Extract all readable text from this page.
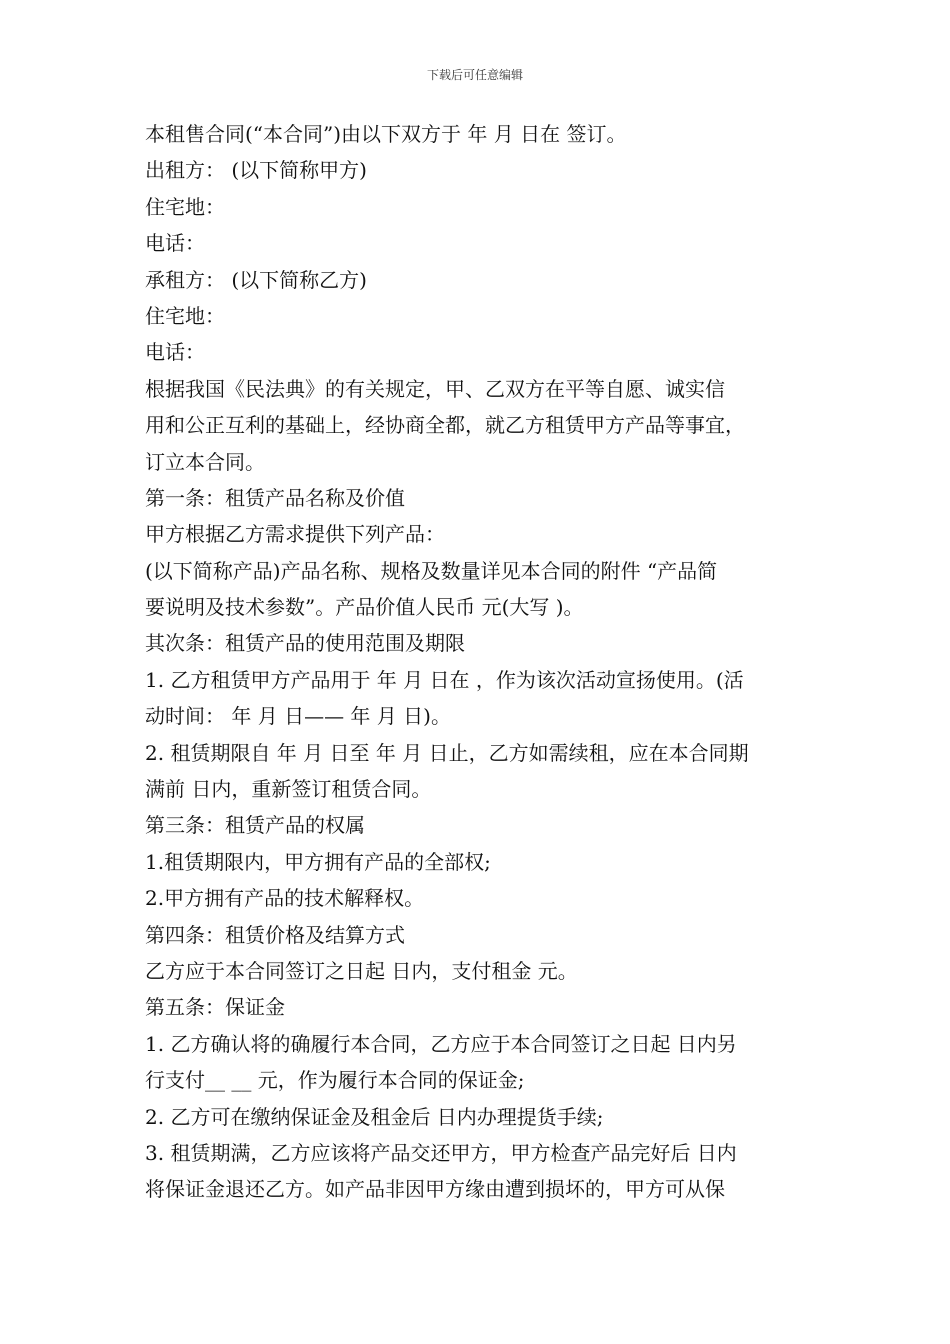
下载后可任意编辑
本租售合同(“本合同”)由以下双方于 年 月 日在 签订。
出租方： (以下简称甲方)
住宅地：
电话：
承租方： (以下简称乙方)
住宅地：
电话：
根据我国《民法典》的有关规定，甲、乙双方在平等自愿、诚实信
用和公正互利的基础上，经协商全都，就乙方租赁甲方产品等事宜，
订立本合同。
第一条：租赁产品名称及价值
甲方根据乙方需求提供下列产品：
(以下简称产品)产品名称、规格及数量详见本合同的附件 “产品简
要说明及技术参数”。产品价值人民币 元(大写 )。
其次条：租赁产品的使用范围及期限
1. 乙方租赁甲方产品用于 年 月 日在 ，作为该次活动宣扬使用。(活
动时间： 年 月 日—— 年 月 日)。
2. 租赁期限自 年 月 日至 年 月 日止，乙方如需续租，应在本合同期
满前 日内，重新签订租赁合同。
第三条：租赁产品的权属
1.租赁期限内，甲方拥有产品的全部权;
2.甲方拥有产品的技术解释权。
第四条：租赁价格及结算方式
乙方应于本合同签订之日起 日内，支付租金 元。
第五条：保证金
1. 乙方确认将的确履行本合同，乙方应于本合同签订之日起 日内另
行支付__ __ 元，作为履行本合同的保证金;
2. 乙方可在缴纳保证金及租金后 日内办理提货手续;
3. 租赁期满，乙方应该将产品交还甲方，甲方检查产品完好后 日内
将保证金退还乙方。如产品非因甲方缘由遭到损坏的，甲方可从保
